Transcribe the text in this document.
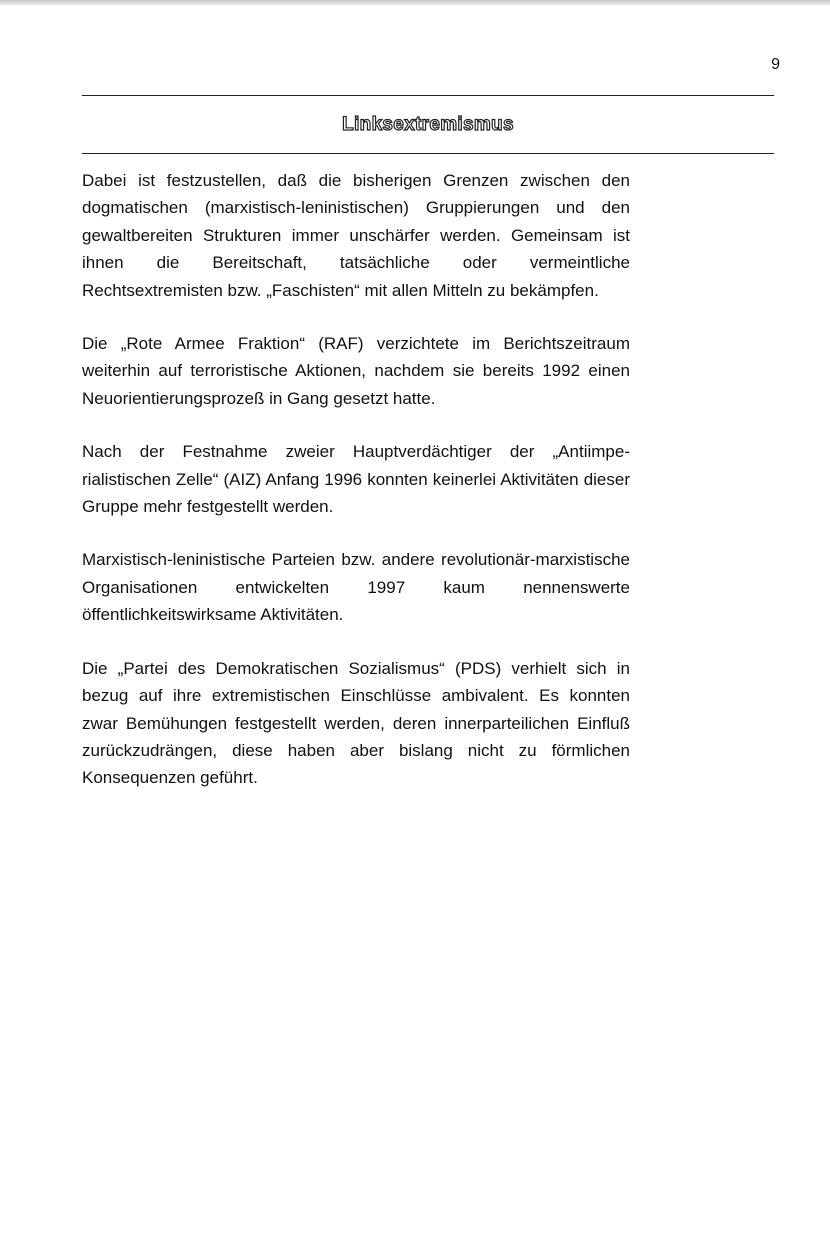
9
Linksextremismus

Dabei ist festzustellen, daß die bisherigen Grenzen zwischen den dogmatischen (marxistisch-leninistischen) Gruppierungen und den gewaltbereiten Strukturen immer unschärfer werden. Gemeinsam ist ihnen die Bereitschaft, tatsächliche oder vermeintliche Rechtsextremisten bzw. „Faschisten“ mit allen Mitteln zu bekämpfen.

Die „Rote Armee Fraktion“ (RAF) verzichtete im Berichtszeitraum weiterhin auf terroristische Aktionen, nachdem sie bereits 1992 einen Neuorientierungsprozeß in Gang gesetzt hatte.

Nach der Festnahme zweier Hauptverdächtiger der „Antiimperialistischen Zelle“ (AIZ) Anfang 1996 konnten keinerlei Aktivitäten dieser Gruppe mehr festgestellt werden.

Marxistisch-leninistische Parteien bzw. andere revolutionär-marxistische Organisationen entwickelten 1997 kaum nennenswerte öffentlichkeitswirksame Aktivitäten.

Die „Partei des Demokratischen Sozialismus“ (PDS) verhielt sich in bezug auf ihre extremistischen Einschlüsse ambivalent. Es konnten zwar Bemühungen festgestellt werden, deren innerparteilichen Einfluß zurückzudrängen, diese haben aber bislang nicht zu förmlichen Konsequenzen geführt.
